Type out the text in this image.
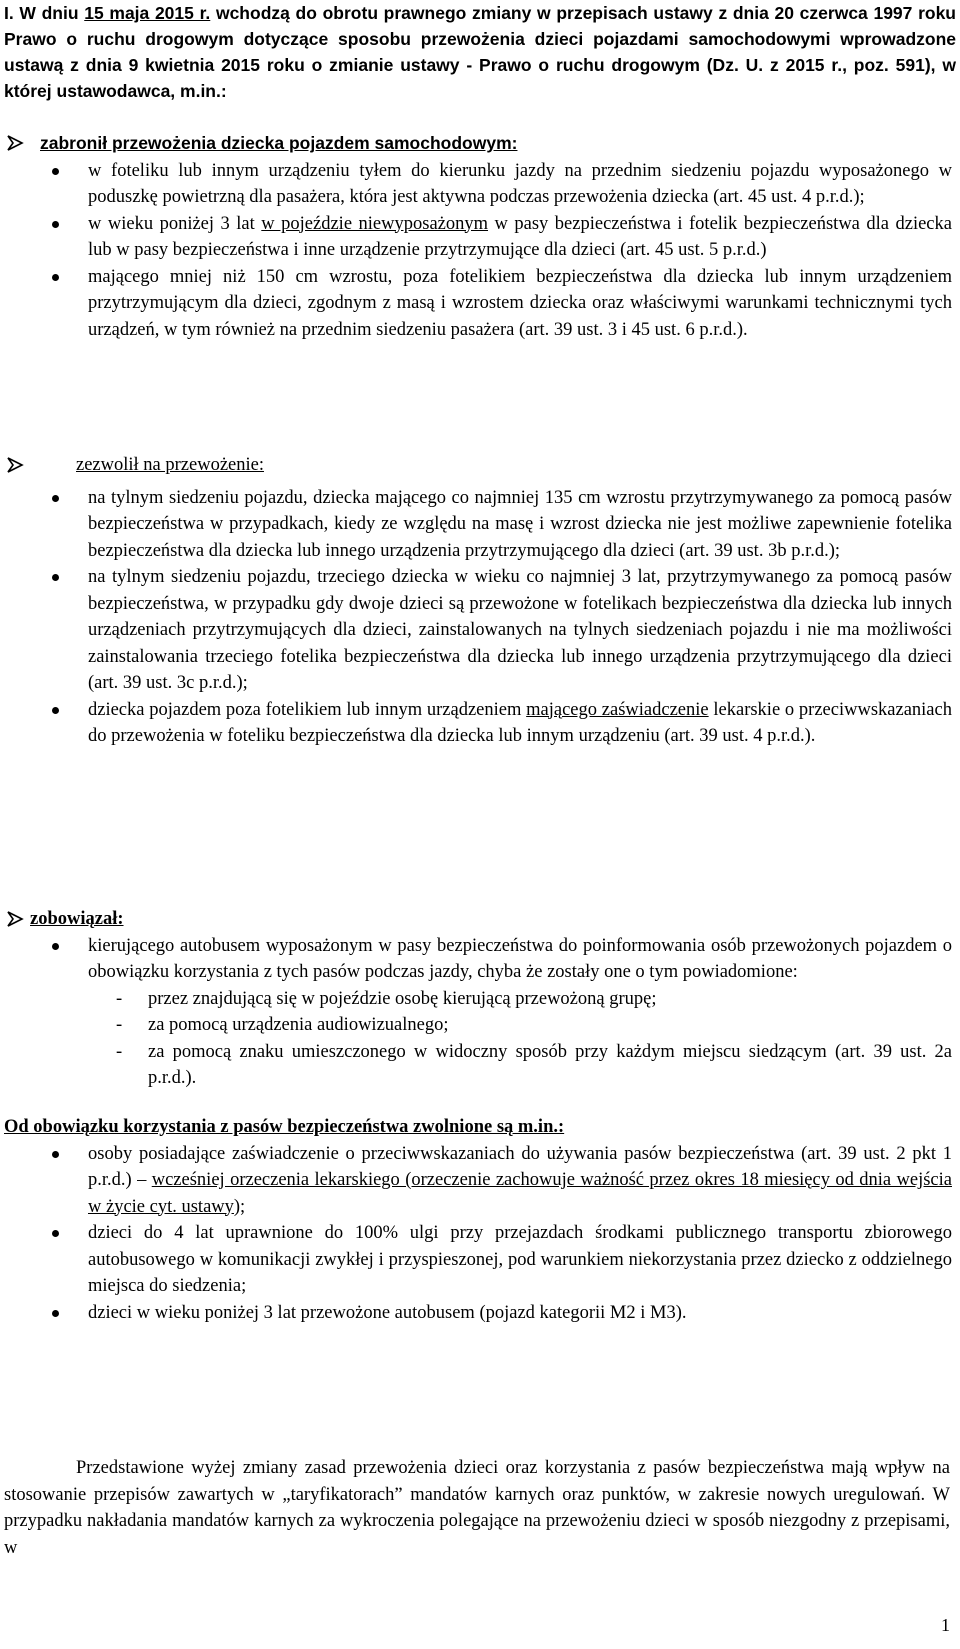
I. W dniu 15 maja 2015 r. wchodzą do obrotu prawnego zmiany w przepisach ustawy z dnia 20 czerwca 1997 roku Prawo o ruchu drogowym dotyczące sposobu przewożenia dzieci pojazdami samochodowymi wprowadzone ustawą z dnia 9 kwietnia 2015 roku o zmianie ustawy - Prawo o ruchu drogowym (Dz. U. z 2015 r., poz. 591), w której ustawodawca, m.in.:
zabronił przewożenia dziecka pojazdem samochodowym:
w foteliku lub innym urządzeniu tyłem do kierunku jazdy na przednim siedzeniu pojazdu wyposażonego w poduszkę powietrzną dla pasażera, która jest aktywna podczas przewożenia dziecka (art. 45 ust. 4 p.r.d.);
w wieku poniżej 3 lat w pojeździe niewyposażonym w pasy bezpieczeństwa i fotelik bezpieczeństwa dla dziecka lub w pasy bezpieczeństwa i inne urządzenie przytrzymujące dla dzieci (art. 45 ust. 5 p.r.d.)
mającego mniej niż 150 cm wzrostu, poza fotelikiem bezpieczeństwa dla dziecka lub innym urządzeniem przytrzymującym dla dzieci, zgodnym z masą i wzrostem dziecka oraz właściwymi warunkami technicznymi tych urządzeń, w tym również na przednim siedzeniu pasażera (art. 39 ust. 3 i 45 ust. 6 p.r.d.).
zezwolił na przewożenie:
na tylnym siedzeniu pojazdu, dziecka mającego co najmniej 135 cm wzrostu przytrzymywanego za pomocą pasów bezpieczeństwa w przypadkach, kiedy ze względu na masę i wzrost dziecka nie jest możliwe zapewnienie fotelika bezpieczeństwa dla dziecka lub innego urządzenia przytrzymującego dla dzieci (art. 39 ust. 3b p.r.d.);
na tylnym siedzeniu pojazdu, trzeciego dziecka w wieku co najmniej 3 lat, przytrzymywanego za pomocą pasów bezpieczeństwa, w przypadku gdy dwoje dzieci są przewożone w fotelikach bezpieczeństwa dla dziecka lub innych urządzeniach przytrzymujących dla dzieci, zainstalowanych na tylnych siedzeniach pojazdu i nie ma możliwości zainstalowania trzeciego fotelika bezpieczeństwa dla dziecka lub innego urządzenia przytrzymującego dla dzieci (art. 39 ust. 3c p.r.d.);
dziecka pojazdem poza fotelikiem lub innym urządzeniem mającego zaświadczenie lekarskie o przeciwwskazaniach do przewożenia w foteliku bezpieczeństwa dla dziecka lub innym urządzeniu (art. 39 ust. 4 p.r.d.).
zobowiązał:
kierującego autobusem wyposażonym w pasy bezpieczeństwa do poinformowania osób przewożonych pojazdem o obowiązku korzystania z tych pasów podczas jazdy, chyba że zostały one o tym powiadomione:
- przez znajdującą się w pojeździe osobę kierującą przewożoną grupę;
- za pomocą urządzenia audiowizualnego;
- za pomocą znaku umieszczonego w widoczny sposób przy każdym miejscu siedzącym (art. 39 ust. 2a p.r.d.).
Od obowiązku korzystania z pasów bezpieczeństwa zwolnione są m.in.:
osoby posiadające zaświadczenie o przeciwwskazaniach do używania pasów bezpieczeństwa (art. 39 ust. 2 pkt 1 p.r.d.) – wcześniej orzeczenia lekarskiego (orzeczenie zachowuje ważność przez okres 18 miesięcy od dnia wejścia w życie cyt. ustawy);
dzieci do 4 lat uprawnione do 100% ulgi przy przejazdach środkami publicznego transportu zbiorowego autobusowego w komunikacji zwykłej i przyspieszonej, pod warunkiem niekorzystania przez dziecko z oddzielnego miejsca do siedzenia;
dzieci w wieku poniżej 3 lat przewożone autobusem (pojazd kategorii M2 i M3).
Przedstawione wyżej zmiany zasad przewożenia dzieci oraz korzystania z pasów bezpieczeństwa mają wpływ na stosowanie przepisów zawartych w „taryfikatorach” mandatów karnych oraz punktów, w zakresie nowych uregulowań. W przypadku nakładania mandatów karnych za wykroczenia polegające na przewożeniu dzieci w sposób niezgodny z przepisami, w
1
